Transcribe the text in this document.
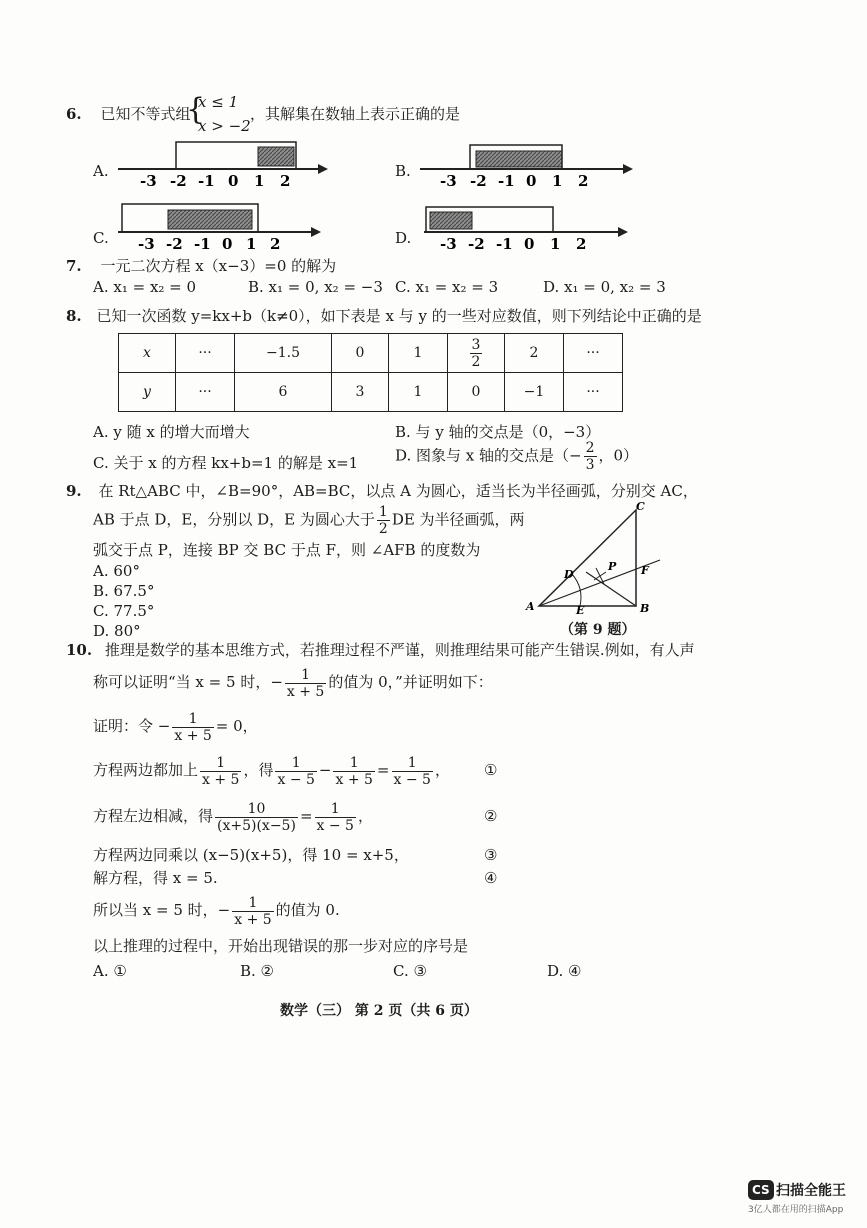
6. 已知不等式组
{
x ≤ 1
x > −2
，其解集在数轴上表示正确的是
A.	B.
C.	D.
-3 -2 -1 0 1 2	-3 -2 -1 0 1 2
-3 -2 -1 0 1 2	-3 -2 -1 0 1 2
7. 一元二次方程 x（x−3）=0 的解为
A. x₁ = x₂ = 0	B. x₁ = 0, x₂ = −3 C. x₁ = x₂ = 3	D. x₁ = 0, x₂ = 3
8. 已知一次函数 y=kx+b（k≠0），如下表是 x 与 y 的一些对应数值，则下列结论中正确的是
x	···	−1.5	0	1	$\frac{3}{2}$	2	···
y	···	6	3	1	0	−1	···
A. y 随 x 的增大而增大	B. 与 y 轴的交点是（0，−3）
C. 关于 x 的方程 kx+b=1 的解是 x=1 D. 图象与 x 轴的交点是（− $\frac{2}{3}$ ，0）
9. 在 Rt△ABC 中，∠B=90°，AB=BC，以点 A 为圆心，适当长为半径画弧，分别交 AC，
AB 于点 D，E，分别以 D，E 为圆心大于 $\frac{1}{2}$ DE 为半径画弧，两
弧交于点 P，连接 BP 交 BC 于点 F，则 ∠AFB 的度数为
A. 60°
B. 67.5°
C. 77.5°
D. 80°
A	B
C
D
E
F
P
（第 9 题）
10. 推理是数学的基本思维方式，若推理过程不严谨，则推理结果可能产生错误.例如，有人声
称可以证明“当 x = 5 时，− $\frac{1}{x + 5}$ 的值为 0，”并证明如下：
证明：令 − $\frac{1}{x + 5} = 0$，
方程两边都加上 $\frac{1}{x + 5}$ ，得 $\frac{1}{x - 5} - \frac{1}{x + 5} = \frac{1}{x - 5}$ ， ①
方程左边相减，得 $\frac{10}{(x+5)(x-5)} = \frac{1}{x - 5}$ ，	②
方程两边同乘以 (x−5)(x+5)，得 10 = x+5，	③
解方程，得 x = 5.	④
所以当 x = 5 时，− $\frac{1}{x + 5}$ 的值为 0.
以上推理的过程中，开始出现错误的那一步对应的序号是
A. ①	B. ②	C. ③	D. ④
数学（三） 第 2 页（共 6 页）
CS 扫描全能王
3亿人都在用的扫描App
